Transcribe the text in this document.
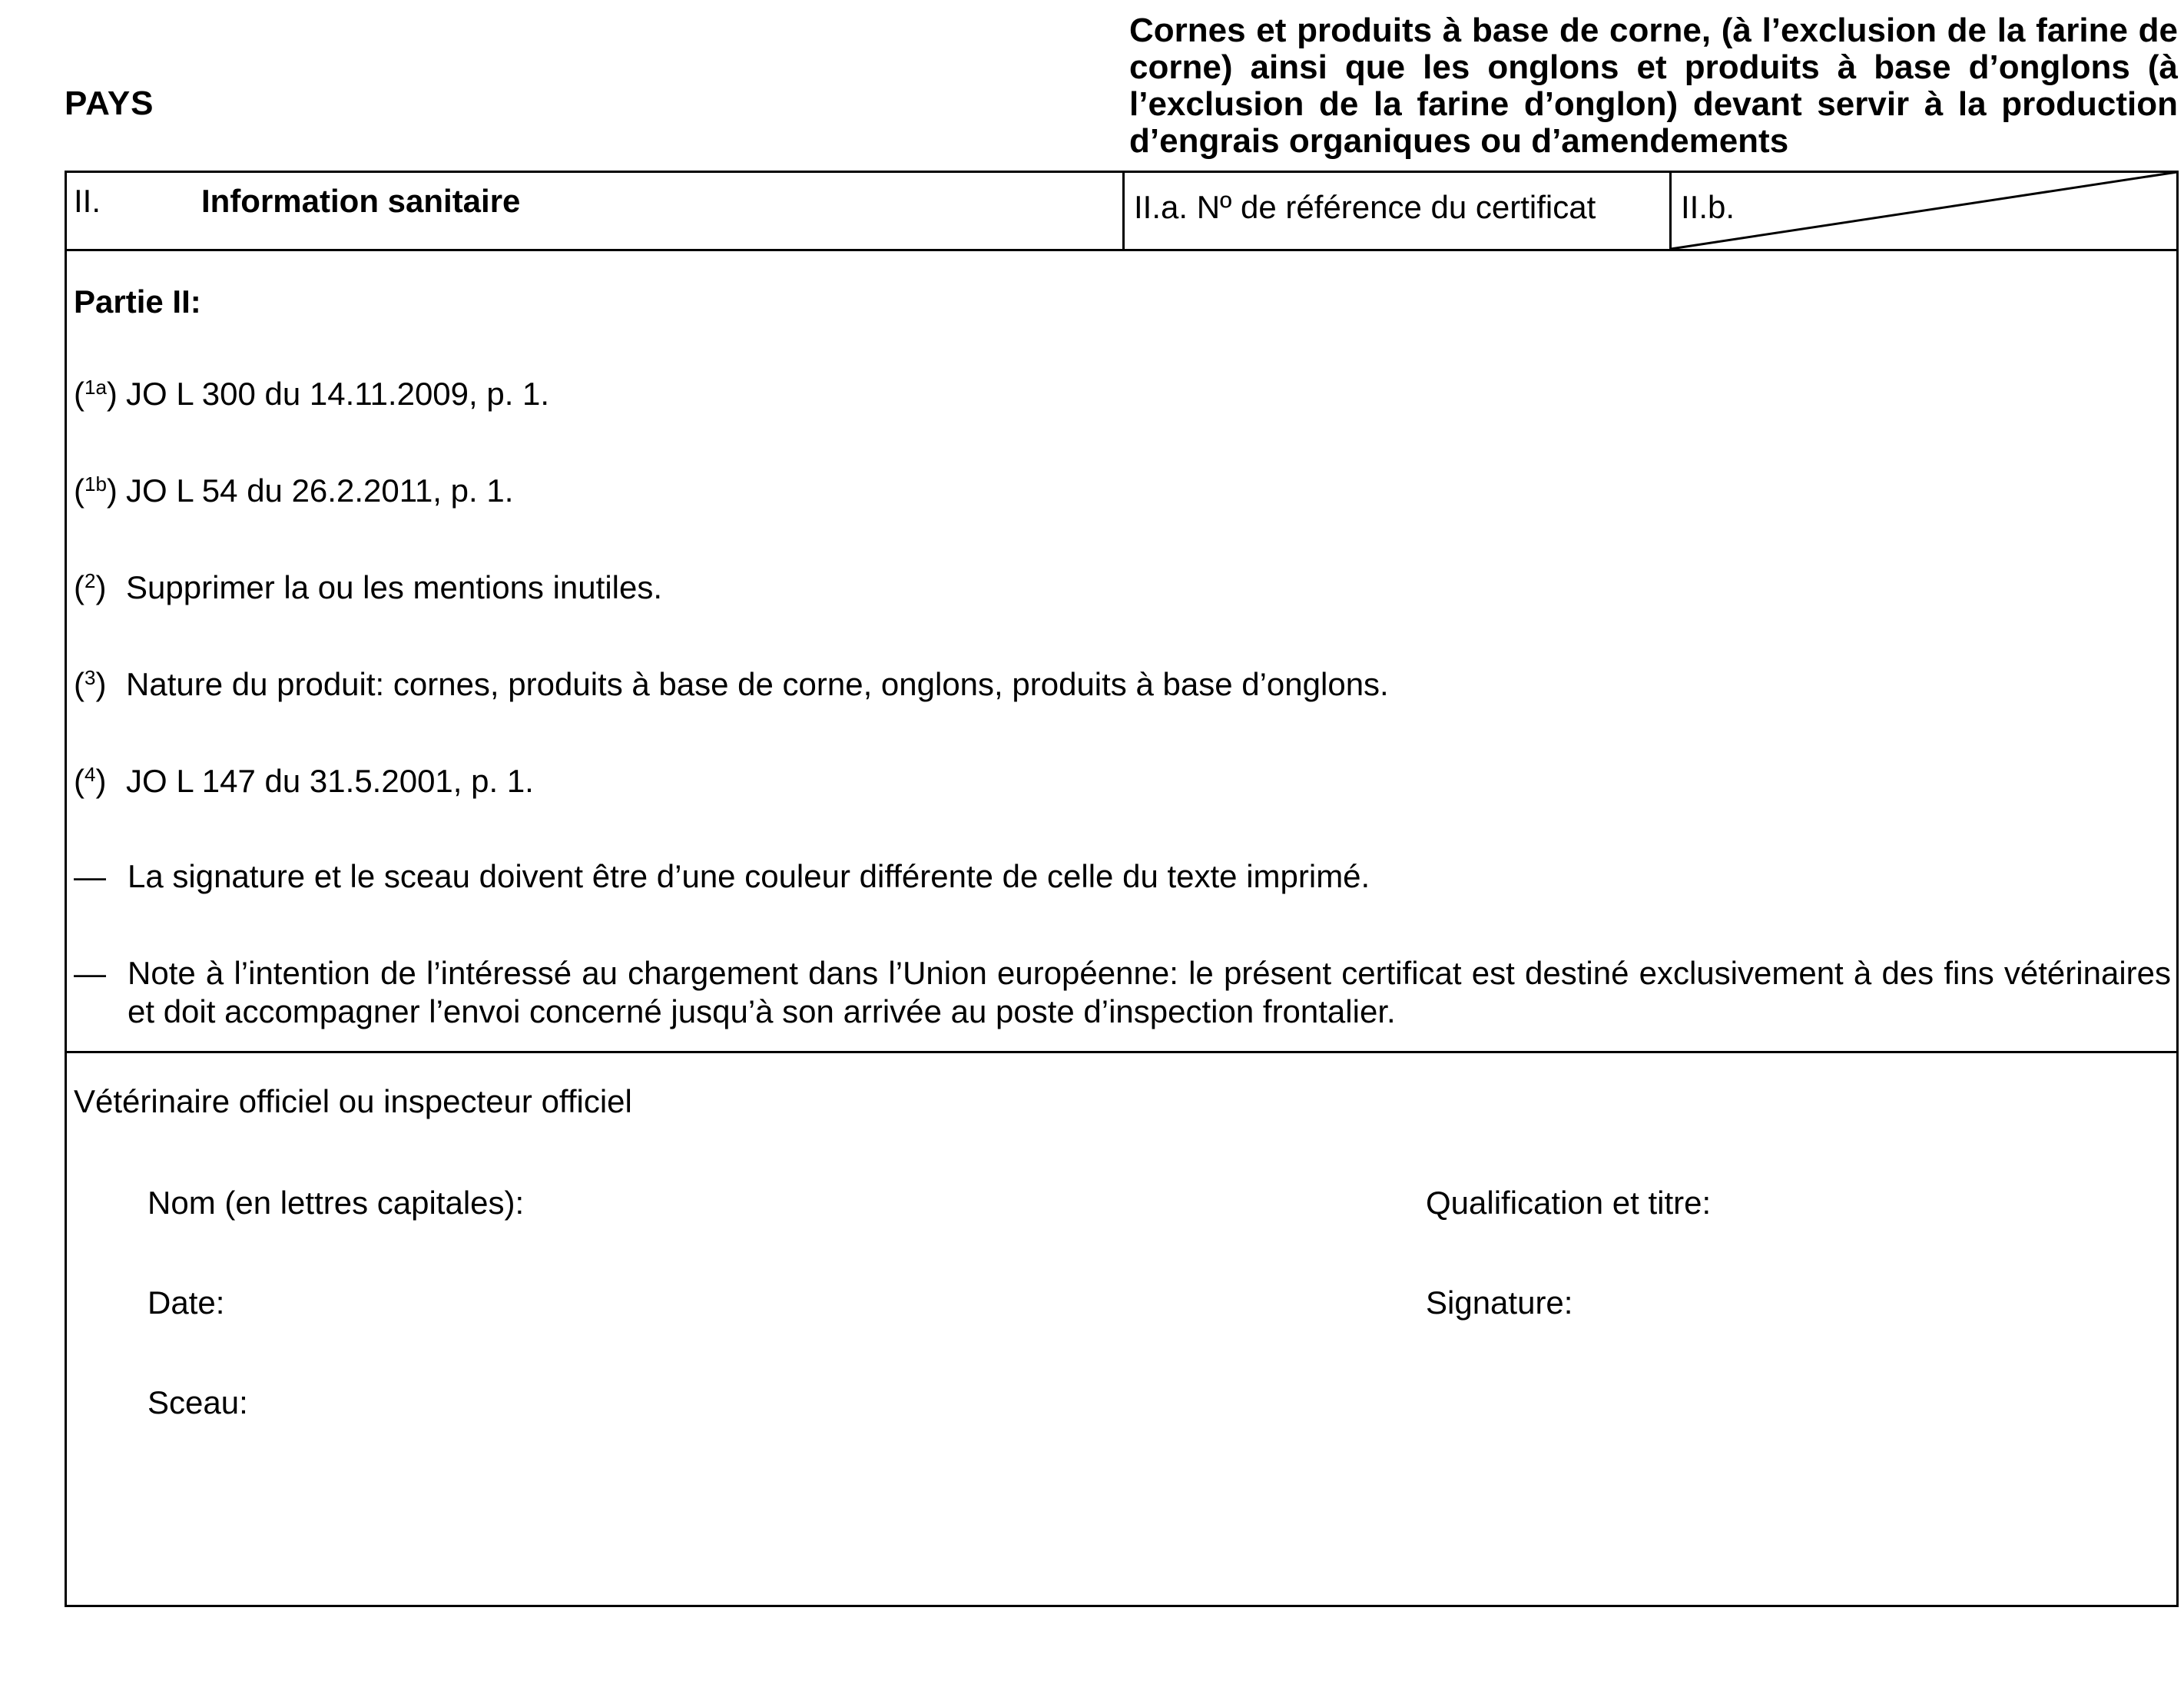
PAYS
Cornes et produits à base de corne, (à l’exclusion de la farine de corne) ainsi que les onglons et produits à base d’onglons (à l’exclusion de la farine d’onglon) devant servir à la production d’engrais organiques ou d’amendements
II.	Information sanitaire	II.a. Nº de référence du certificat	II.b.
Partie II:
($^{1a}$) JO L 300 du 14.11.2009, p. 1.
($^{1b}$) JO L 54 du 26.2.2011, p. 1.
($^2$) Supprimer la ou les mentions inutiles.
($^3$) Nature du produit: cornes, produits à base de corne, onglons, produits à base d’onglons.
($^4$) JO L 147 du 31.5.2001, p. 1.
— La signature et le sceau doivent être d’une couleur différente de celle du texte imprimé.
— Note à l’intention de l’intéressé au chargement dans l’Union européenne: le présent certificat est destiné exclusivement à des fins vétérinaires et doit accompagner l’envoi concerné jusqu’à son arrivée au poste d’inspection frontalier.
Vétérinaire officiel ou inspecteur officiel
Nom (en lettres capitales):	Qualification et titre:
Date:	Signature:
Sceau:
